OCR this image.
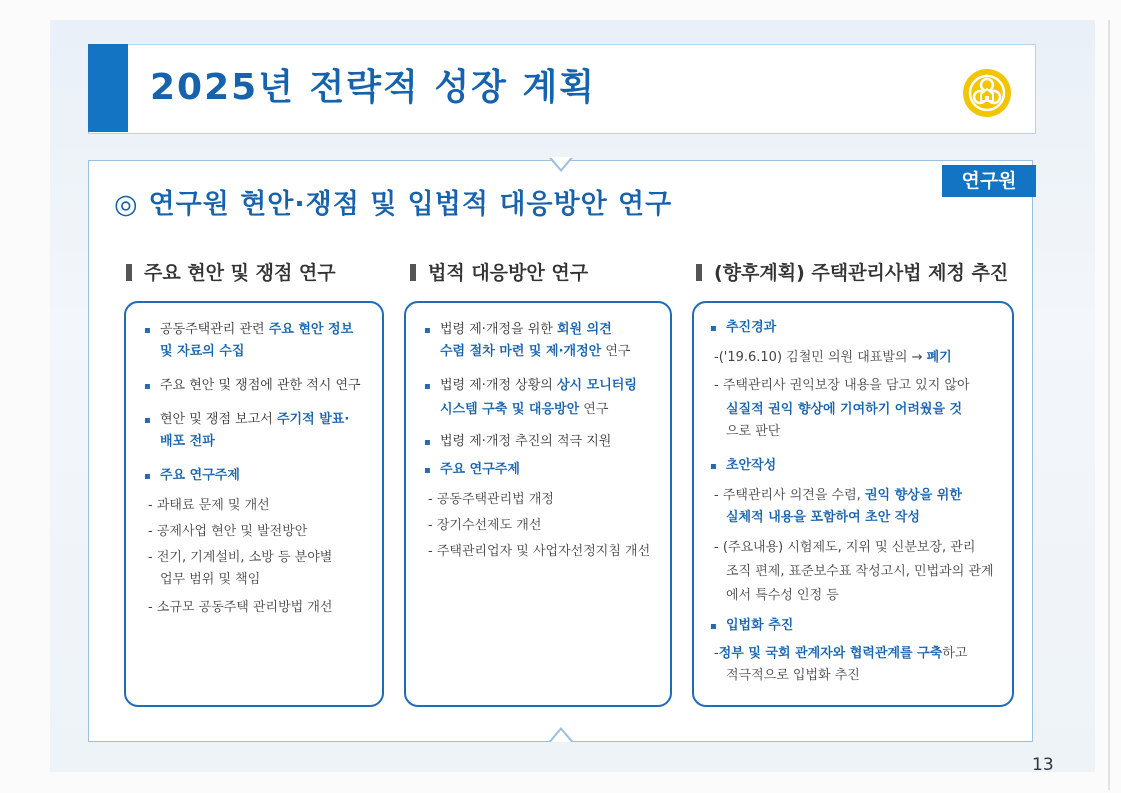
2025년 전략적 성장 계획
연구원
◎ 연구원 현안·쟁점 및 입법적 대응방안 연구
주요 현안 및 쟁점 연구	법적 대응방안 연구	(향후계획) 주택관리사법 제정 추진
▪ 공동주택관리 관련 주요 현안 정보
및 자료의 수집
▪ 주요 현안 및 쟁점에 관한 적시 연구
▪ 현안 및 쟁점 보고서 주기적 발표·
배포 전파
▪ 주요 연구주제
- 과태료 문제 및 개선
- 공제사업 현안 및 발전방안
- 전기, 기계설비, 소방 등 분야별
업무 범위 및 책임
- 소규모 공동주택 관리방법 개선
▪ 법령 제·개정을 위한 회원 의견
수렴 절차 마련 및 제·개정안 연구
▪ 법령 제·개정 상황의 상시 모니터링
시스템 구축 및 대응방안 연구
▪ 법령 제·개정 추진의 적극 지원
▪ 주요 연구주제
- 공동주택관리법 개정
- 장기수선제도 개선
- 주택관리업자 및 사업자선정지침 개선
▪ 추진경과
-('19.6.10) 김철민 의원 대표발의 → 폐기
- 주택관리사 권익보장 내용을 담고 있지 않아
실질적 권익 향상에 기여하기 어려웠을 것
으로 판단
▪ 초안작성
- 주택관리사 의견을 수렴, 권익 향상을 위한
실체적 내용을 포함하여 초안 작성
- (주요내용) 시험제도, 지위 및 신분보장, 관리
조직 편제, 표준보수표 작성고시, 민법과의 관계
에서 특수성 인정 등
▪ 입법화 추진
-정부 및 국회 관계자와 협력관계를 구축하고
적극적으로 입법화 추진
13
